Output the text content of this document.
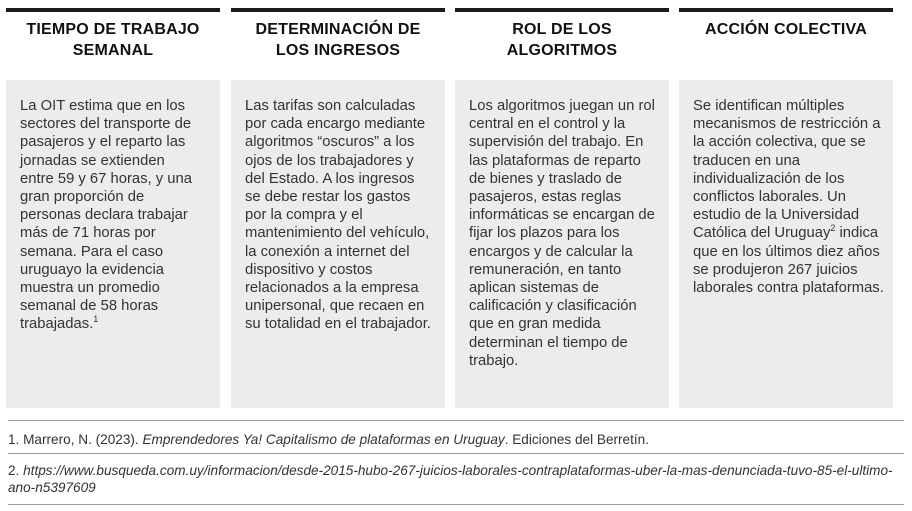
TIEMPO DE TRABAJO
SEMANAL
La OIT estima que en los sectores del transporte de pasajeros y el reparto las jornadas se extienden entre 59 y 67 horas, y una gran proporción de personas declara trabajar más de 71 horas por semana. Para el caso uruguayo la evidencia muestra un promedio semanal de 58 horas trabajadas.$^1$
DETERMINACIÓN DE
LOS INGRESOS
Las tarifas son calculadas por cada encargo mediante algoritmos “oscuros” a los ojos de los trabajadores y del Estado. A los ingresos se debe restar los gastos por la compra y el mantenimiento del vehículo, la conexión a internet del dispositivo y costos relacionados a la empresa unipersonal, que recaen en su totalidad en el trabajador.
ROL DE LOS
ALGORITMOS
Los algoritmos juegan un rol central en el control y la supervisión del trabajo. En las plataformas de reparto de bienes y traslado de pasajeros, estas reglas informáticas se encargan de fijar los plazos para los encargos y de calcular la remuneración, en tanto aplican sistemas de calificación y clasificación que en gran medida determinan el tiempo de trabajo.
ACCIÓN COLECTIVA
Se identifican múltiples mecanismos de restricción a la acción colectiva, que se traducen en una individualización de los conflictos laborales. Un estudio de la Universidad Católica del Uruguay$^2$ indica que en los últimos diez años se produjeron 267 juicios laborales contra plataformas.
1. Marrero, N. (2023). Emprendedores Ya! Capitalismo de plataformas en Uruguay. Ediciones del Berretín.
2. https://www.busqueda.com.uy/informacion/desde-2015-hubo-267-juicios-laborales-contraplataformas-uber-la-mas-denunciada-tuvo-85-el-ultimo-ano-n5397609
